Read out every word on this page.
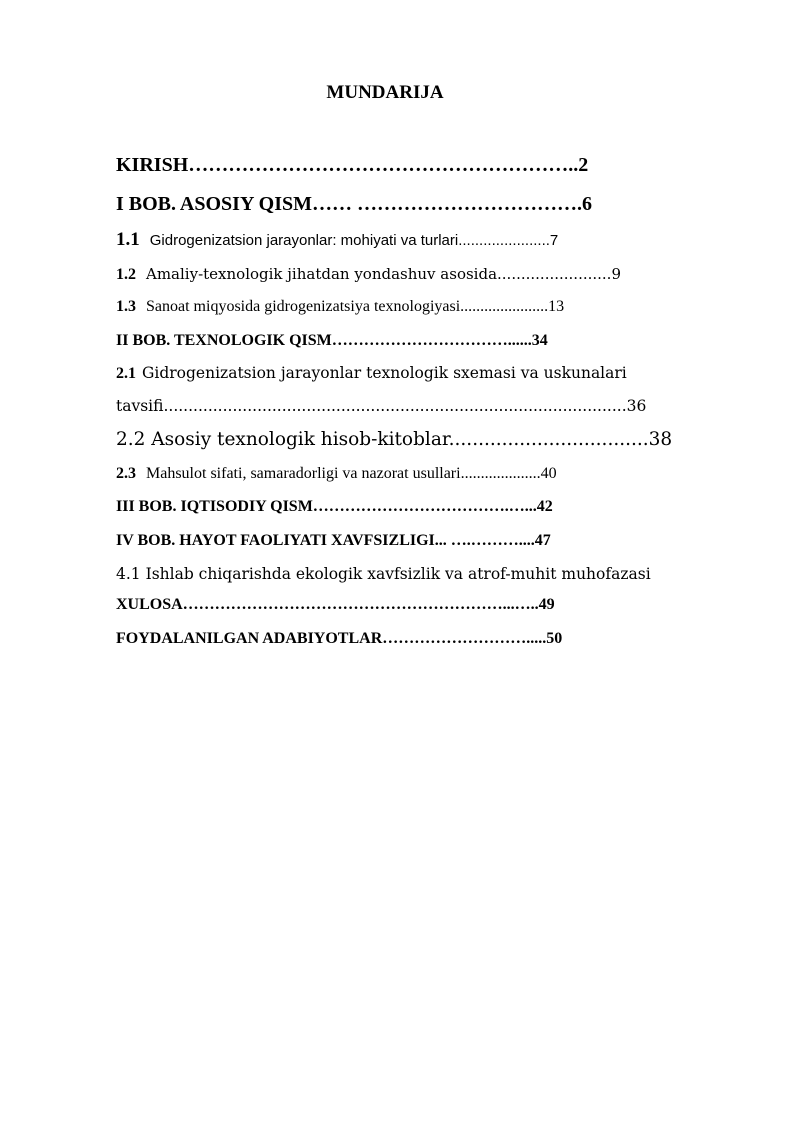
MUNDARIJA
KIRISH…………………………………………………..2
I BOB. ASOSIY QISM…… …………………………….6
1.1 Gidrogenizatsion jarayonlar: mohiyati va turlari......................7
1.2 Amaliy-texnologik jihatdan yondashuv asosida........................9
1.3 Sanoat miqyosida gidrogenizatsiya texnologiyasi......................13
II BOB. TEXNOLOGIK QISM……………………………......34
2.1 Gidrogenizatsion jarayonlar texnologik sxemasi va uskunalari
tavsifi..............................................................................................36
2.2 Asosiy texnologik hisob-kitoblar..................................38
2.3 Mahsulot sifati, samaradorligi va nazorat usullari....................40
III BOB. IQTISODIY QISM……………………………….…...42
IV BOB. HAYOT FAOLIYATI XAVFSIZLIGI... ….………....47
4.1 Ishlab chiqarishda ekologik xavfsizlik va atrof-muhit muhofazasi
XULOSA……………………………………………………...…..49
FOYDALANILGAN ADABIYOTLAR……………………….....50
